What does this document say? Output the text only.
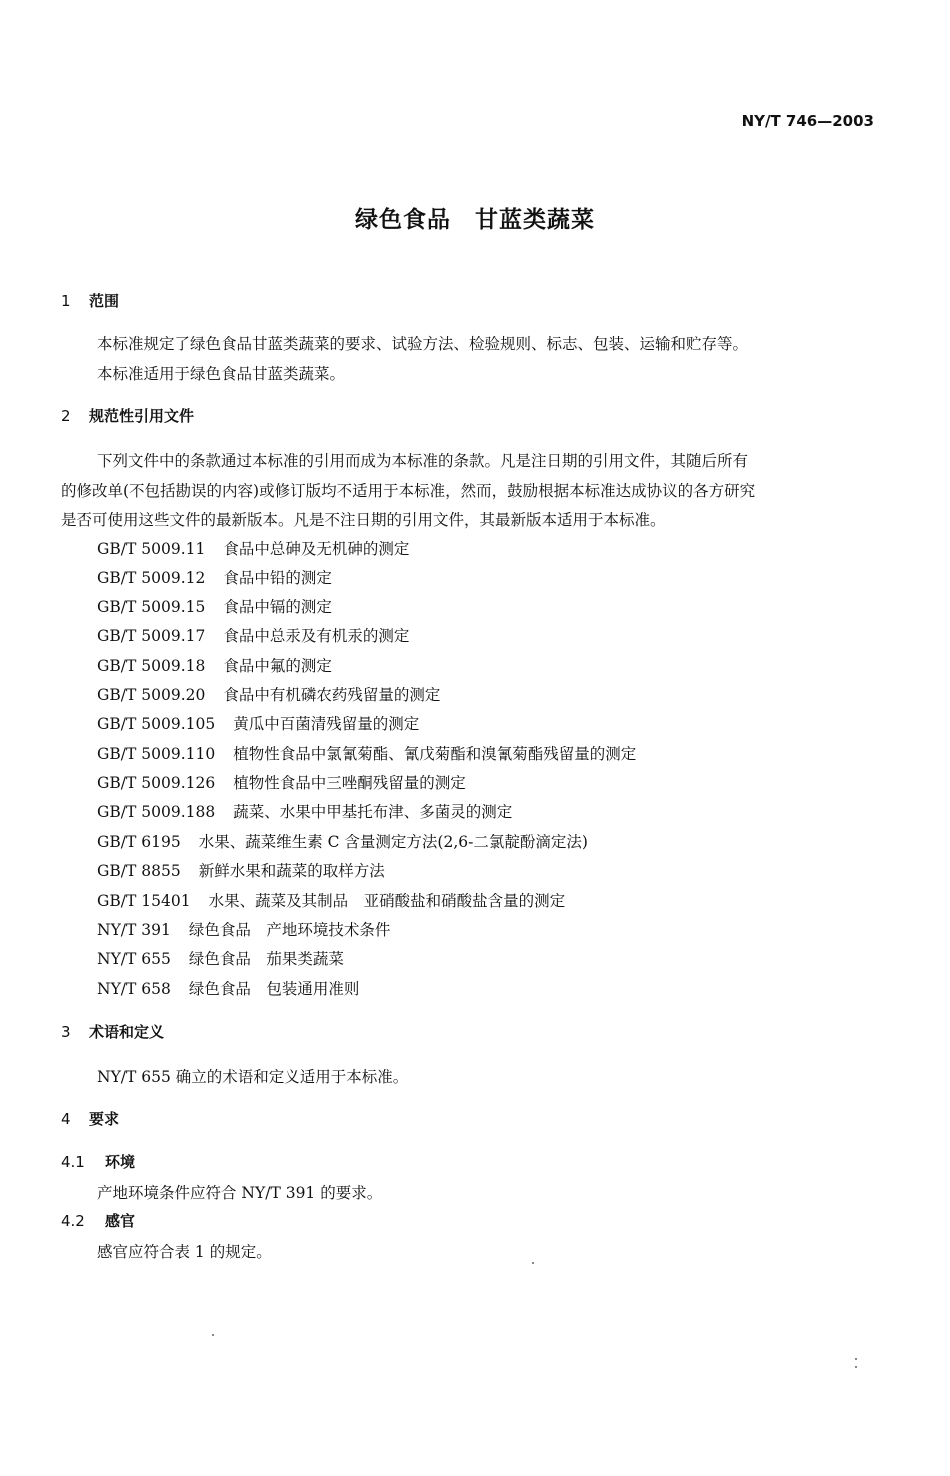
NY/T 746—2003
绿色食品　甘蓝类蔬菜
1 范围
本标准规定了绿色食品甘蓝类蔬菜的要求、试验方法、检验规则、标志、包装、运输和贮存等。
本标准适用于绿色食品甘蓝类蔬菜。
2 规范性引用文件
下列文件中的条款通过本标准的引用而成为本标准的条款。凡是注日期的引用文件，其随后所有
的修改单(不包括勘误的内容)或修订版均不适用于本标准，然而，鼓励根据本标准达成协议的各方研究
是否可使用这些文件的最新版本。凡是不注日期的引用文件，其最新版本适用于本标准。
GB/T 5009.11 食品中总砷及无机砷的测定
GB/T 5009.12 食品中铅的测定
GB/T 5009.15 食品中镉的测定
GB/T 5009.17 食品中总汞及有机汞的测定
GB/T 5009.18 食品中氟的测定
GB/T 5009.20 食品中有机磷农药残留量的测定
GB/T 5009.105 黄瓜中百菌清残留量的测定
GB/T 5009.110 植物性食品中氯氰菊酯、氰戊菊酯和溴氰菊酯残留量的测定
GB/T 5009.126 植物性食品中三唑酮残留量的测定
GB/T 5009.188 蔬菜、水果中甲基托布津、多菌灵的测定
GB/T 6195 水果、蔬菜维生素 C 含量测定方法(2,6-二氯靛酚滴定法)
GB/T 8855 新鲜水果和蔬菜的取样方法
GB/T 15401 水果、蔬菜及其制品　亚硝酸盐和硝酸盐含量的测定
NY/T 391 绿色食品　产地环境技术条件
NY/T 655 绿色食品　茄果类蔬菜
NY/T 658 绿色食品　包装通用准则
3 术语和定义
NY/T 655 确立的术语和定义适用于本标准。
4 要求
4.1 环境
产地环境条件应符合 NY/T 391 的要求。
4.2 感官
感官应符合表 1 的规定。
